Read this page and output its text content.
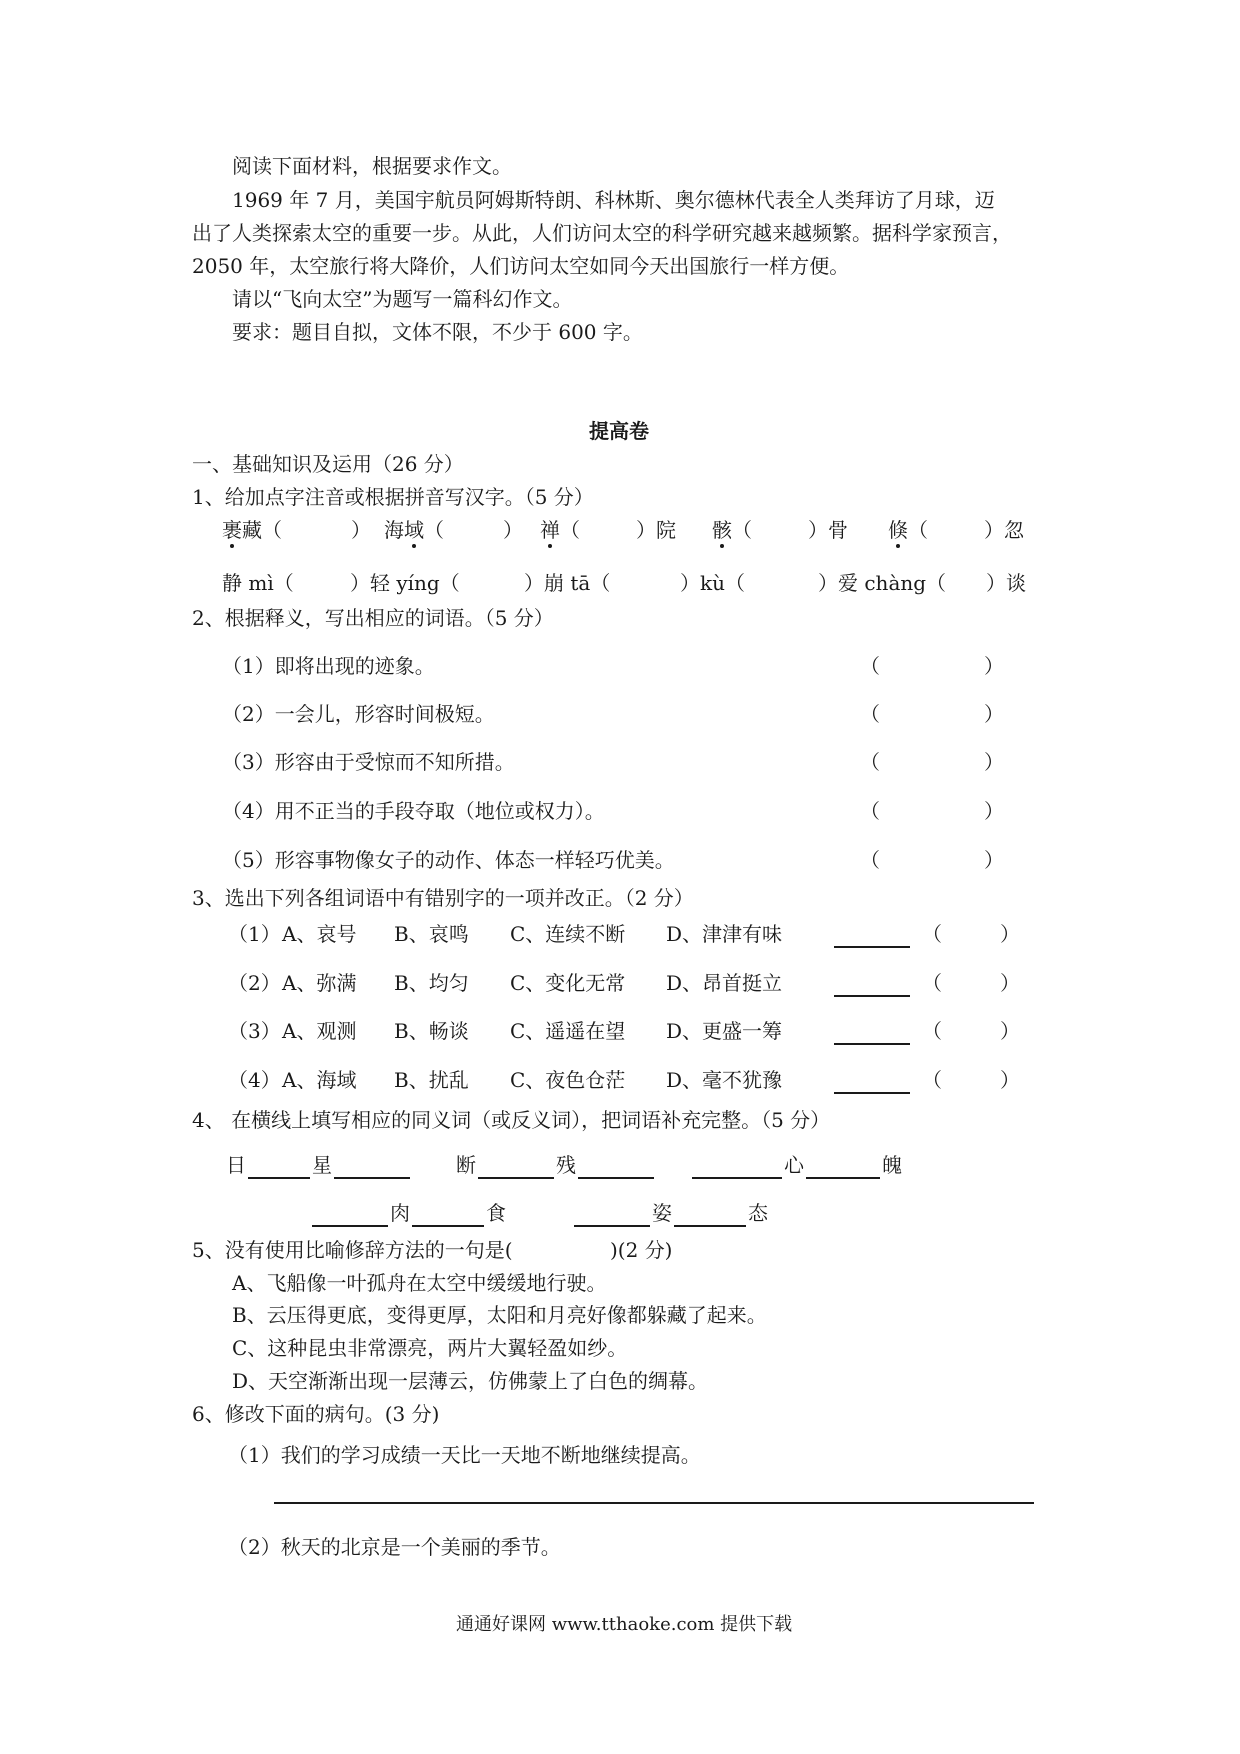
阅读下面材料，根据要求作文。
1969 年 7 月，美国宇航员阿姆斯特朗、科林斯、奥尔德林代表全人类拜访了月球，迈
出了人类探索太空的重要一步。从此，人们访问太空的科学研究越来越频繁。据科学家预言，
2050 年，太空旅行将大降价，人们访问太空如同今天出国旅行一样方便。
请以“飞向太空”为题写一篇科幻作文。
要求：题目自拟，文体不限，不少于 600 字。
提高卷
一、基础知识及运用（26 分）
1、给加点字注音或根据拼音写汉字。（5 分）
裹藏（	） 海域（	） 禅（	）院 骸（	）骨 倏（	）忽
静 mì（	）轻 yíng（	）崩 tā（	）kù（	）爱 chàng（ ）谈
2、根据释义，写出相应的词语。（5 分）
（1）即将出现的迹象。	（	）
（2）一会儿，形容时间极短。	（	）
（3）形容由于受惊而不知所措。	（	）
（4）用不正当的手段夺取（地位或权力）。	（	）
（5）形容事物像女子的动作、体态一样轻巧优美。	（	）
3、选出下列各组词语中有错别字的一项并改正。（2 分）
（1） A、哀号 B、哀鸣 C、连续不断 D、津津有味	（	）
（2） A、弥满 B、均匀 C、变化无常 D、昂首挺立	（	）
（3） A、观测 B、畅谈 C、遥遥在望 D、更盛一筹	（	）
（4） A、海域 B、扰乱 C、夜色仓茫 D、毫不犹豫	（	）
4、 在横线上填写相应的同义词（或反义词），把词语补充完整。（5 分）
日	星	断	残	心	魄
肉	食	姿	态
5、没有使用比喻修辞方法的一句是(	)(2 分)
A、飞船像一叶孤舟在太空中缓缓地行驶。
B、云压得更底，变得更厚，太阳和月亮好像都躲藏了起来。
C、这种昆虫非常漂亮，两片大翼轻盈如纱。
D、天空渐渐出现一层薄云，仿佛蒙上了白色的绸幕。
6、修改下面的病句。(3 分)
（1）我们的学习成绩一天比一天地不断地继续提高。
（2）秋天的北京是一个美丽的季节。
通通好课网 www.tthaoke.com 提供下载
